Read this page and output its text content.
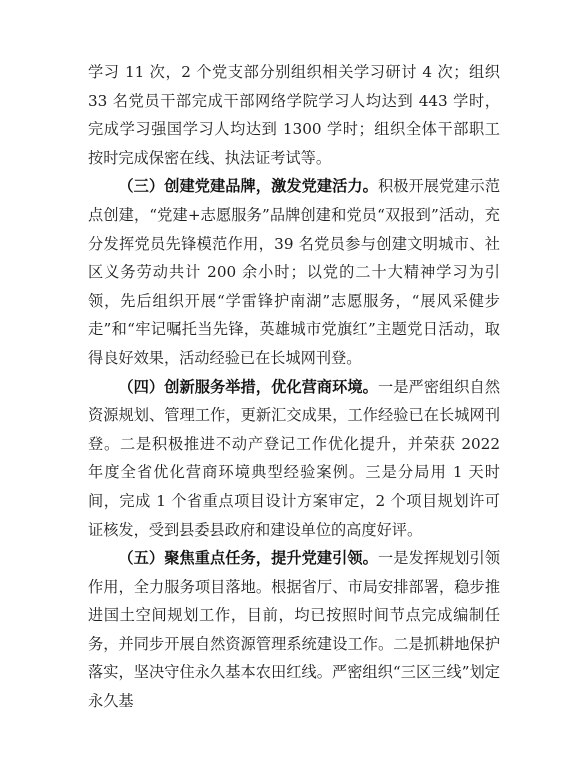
学习 11 次，2 个党支部分别组织相关学习研讨 4 次；组织 33 名党员干部完成干部网络学院学习人均达到 443 学时，完成学习强国学习人均达到 1300 学时；组织全体干部职工按时完成保密在线、执法证考试等。

（三）创建党建品牌，激发党建活力。积极开展党建示范点创建，“党建+志愿服务”品牌创建和党员“双报到”活动，充分发挥党员先锋模范作用，39 名党员参与创建文明城市、社区义务劳动共计 200 余小时；以党的二十大精神学习为引领，先后组织开展“学雷锋护南湖”志愿服务，“展风采健步走”和“牢记嘱托当先锋，英雄城市党旗红”主题党日活动，取得良好效果，活动经验已在长城网刊登。

（四）创新服务举措，优化营商环境。一是严密组织自然资源规划、管理工作，更新汇交成果，工作经验已在长城网刊登。二是积极推进不动产登记工作优化提升，并荣获 2022 年度全省优化营商环境典型经验案例。三是分局用 1 天时间，完成 1 个省重点项目设计方案审定，2 个项目规划许可证核发，受到县委县政府和建设单位的高度好评。

（五）聚焦重点任务，提升党建引领。一是发挥规划引领作用，全力服务项目落地。根据省厅、市局安排部署，稳步推进国土空间规划工作，目前，均已按照时间节点完成编制任务，并同步开展自然资源管理系统建设工作。二是抓耕地保护落实，坚决守住永久基本农田红线。严密组织“三区三线”划定永久基
